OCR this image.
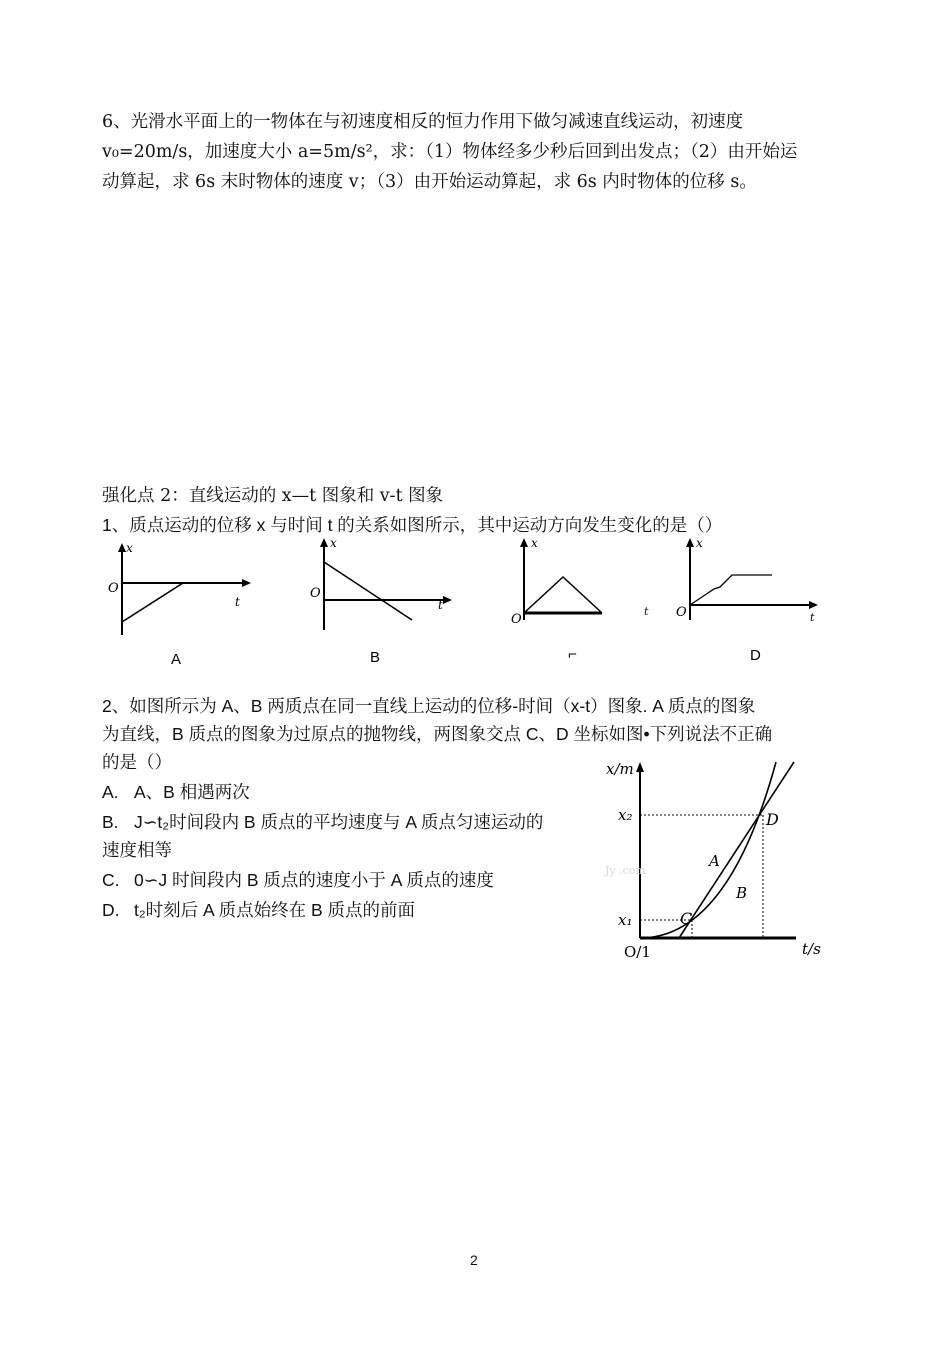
6、光滑水平面上的一物体在与初速度相反的恒力作用下做匀减速直线运动，初速度
v₀=20m/s，加速度大小 a=5m/s²，求：（1）物体经多少秒后回到出发点；（2）由开始运
动算起，求 6s 末时物体的速度 v；（3）由开始运动算起，求 6s 内时物体的位移 s。
强化点 2：直线运动的 x—t 图象和 v-t 图象
1、质点运动的位移 x 与时间 t 的关系如图所示，其中运动方向发生变化的是（）
x
t
O
A
x
t
O
B
x
O
⌐
t
x
t
O
D
2、如图所示为 A、B 两质点在同一直线上运动的位移-时间（x-t）图象. A 质点的图象
为直线，B 质点的图象为过原点的抛物线，两图象交点 C、D 坐标如图•下列说法不正确
的是（）
A. A、B 相遇两次
B. J∽t₂时间段内 B 质点的平均速度与 A 质点匀速运动的
速度相等
C. 0∽J 时间段内 B 质点的速度小于 A 质点的速度
D. t₂时刻后 A 质点始终在 B 质点的前面
x/m
t/s
O/1
x₂
x₁	C
D
A
B
Jy .com
2
